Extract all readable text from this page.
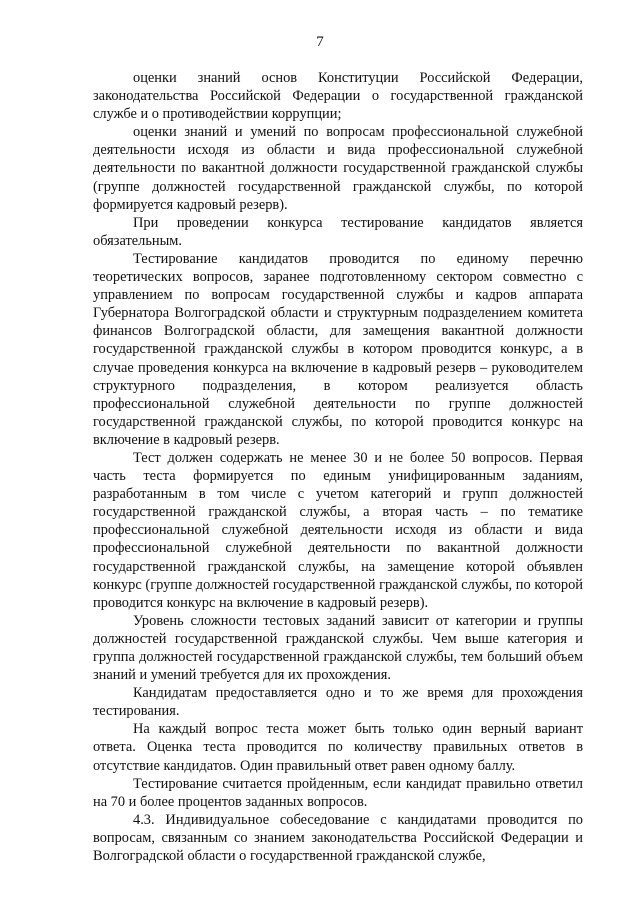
7

оценки знаний основ Конституции Российской Федерации, законодательства Российской Федерации о государственной гражданской службе и о противодействии коррупции;

оценки знаний и умений по вопросам профессиональной служебной деятельности исходя из области и вида профессиональной служебной деятельности по вакантной должности государственной гражданской службы (группе должностей государственной гражданской службы, по которой формируется кадровый резерв).

При проведении конкурса тестирование кандидатов является обязательным.

Тестирование кандидатов проводится по единому перечню теоретических вопросов, заранее подготовленному сектором совместно с управлением по вопросам государственной службы и кадров аппарата Губернатора Волгоградской области и структурным подразделением комитета финансов Волгоградской области, для замещения вакантной должности государственной гражданской службы в котором проводится конкурс, а в случае проведения конкурса на включение в кадровый резерв – руководителем структурного подразделения, в котором реализуется область профессиональной служебной деятельности по группе должностей государственной гражданской службы, по которой проводится конкурс на включение в кадровый резерв.

Тест должен содержать не менее 30 и не более 50 вопросов. Первая часть теста формируется по единым унифицированным заданиям, разработанным в том числе с учетом категорий и групп должностей государственной гражданской службы, а вторая часть – по тематике профессиональной служебной деятельности исходя из области и вида профессиональной служебной деятельности по вакантной должности государственной гражданской службы, на замещение которой объявлен конкурс (группе должностей государственной гражданской службы, по которой проводится конкурс на включение в кадровый резерв).

Уровень сложности тестовых заданий зависит от категории и группы должностей государственной гражданской службы. Чем выше категория и группа должностей государственной гражданской службы, тем больший объем знаний и умений требуется для их прохождения.

Кандидатам предоставляется одно и то же время для прохождения тестирования.

На каждый вопрос теста может быть только один верный вариант ответа. Оценка теста проводится по количеству правильных ответов в отсутствие кандидатов. Один правильный ответ равен одному баллу.

Тестирование считается пройденным, если кандидат правильно ответил на 70 и более процентов заданных вопросов.

4.3. Индивидуальное собеседование с кандидатами проводится по вопросам, связанным со знанием законодательства Российской Федерации и Волгоградской области о государственной гражданской службе,
